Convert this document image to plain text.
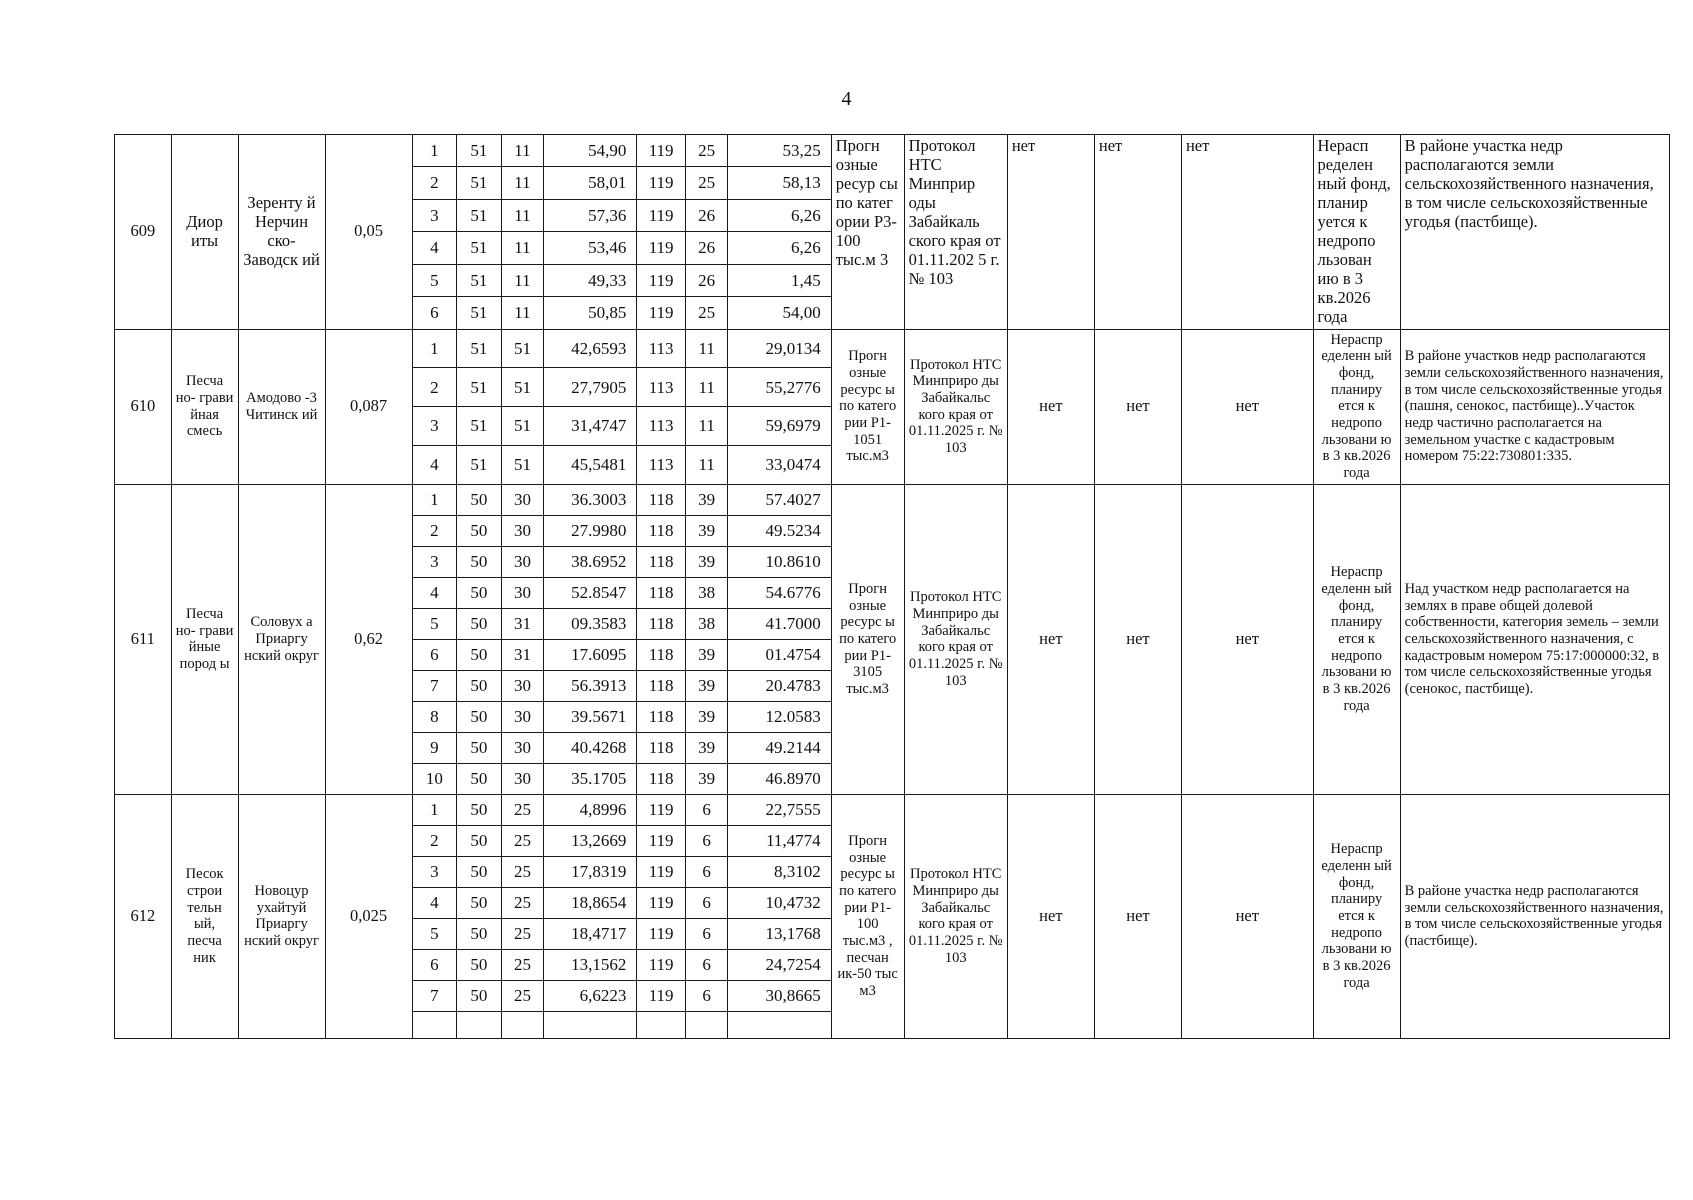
4
609	Диор иты	Зеренту й Нерчин ско- Заводск ий	0,05	1	51	11	54,90	119	25	53,25	Прогн озные ресур сы по катег ории Р3- 100 тыс.м 3	Протокол НТС Минприр оды Забайкаль ского края от 01.11.202 5 г. № 103	нет	нет	нет	Нерасп ределен ный фонд, планир уется к недропо льзован ию в 3 кв.2026 года	В районе участка недр располагаются земли сельскохозяйственного назначения, в том числе сельскохозяйственные угодья (пастбище).
				2	51	11	58,01	119	25	58,13							
				3	51	11	57,36	119	26	6,26							
				4	51	11	53,46	119	26	6,26							
				5	51	11	49,33	119	26	1,45							
				6	51	11	50,85	119	25	54,00							
610	Песча но- грави йная смесь	Амодово -3 Читинск ий	0,087	1	51	51	42,6593	113	11	29,0134	Прогн озные ресурс ы по катего рии Р1- 1051 тыс.м3	Протокол НТС Минприро ды Забайкальс кого края от 01.11.2025 г. № 103	нет	нет	нет	Нераспр еделенн ый фонд, планиру ется к недропо льзовани ю в 3 кв.2026 года	В районе участков недр располагаются земли сельскохозяйственного назначения, в том числе сельскохозяйственные угодья (пашня, сенокос, пастбище)..Участок недр частично располагается на земельном участке с кадастровым номером 75:22:730801:335.
				2	51	51	27,7905	113	11	55,2776							
				3	51	51	31,4747	113	11	59,6979							
				4	51	51	45,5481	113	11	33,0474							
611	Песча но- грави йные пород ы	Соловух а Приаргу нский округ	0,62	1	50	30	36.3003	118	39	57.4027	Прогн озные ресурс ы по катего рии Р1- 3105 тыс.м3	Протокол НТС Минприро ды Забайкальс кого края от 01.11.2025 г. № 103	нет	нет	нет	Нераспр еделенн ый фонд, планиру ется к недропо льзовани ю в 3 кв.2026 года	Над участком недр располагается на землях в праве общей долевой собственности, категория земель – земли сельскохозяйственного назначения, с кадастровым номером 75:17:000000:32, в том числе сельскохозяйственные угодья (сенокос, пастбище).
				2	50	30	27.9980	118	39	49.5234							
				3	50	30	38.6952	118	39	10.8610							
				4	50	30	52.8547	118	38	54.6776							
				5	50	31	09.3583	118	38	41.7000							
				6	50	31	17.6095	118	39	01.4754							
				7	50	30	56.3913	118	39	20.4783							
				8	50	30	39.5671	118	39	12.0583							
				9	50	30	40.4268	118	39	49.2144							
				10	50	30	35.1705	118	39	46.8970							
612	Песок строи тельн ый, песча ник	Новоцур ухайтуй Приаргу нский округ	0,025	1	50	25	4,8996	119	6	22,7555	Прогн озные ресурс ы по катего рии Р1-100 тыс.м3 , песчан ик-50 тыс м3	Протокол НТС Минприро ды Забайкальс кого края от 01.11.2025 г. № 103	нет	нет	нет	Нераспр еделенн ый фонд, планиру ется к недропо льзовани ю в 3 кв.2026 года	В районе участка недр располагаются земли сельскохозяйственного назначения, в том числе сельскохозяйственные угодья (пастбище).
				2	50	25	13,2669	119	6	11,4774							
				3	50	25	17,8319	119	6	8,3102							
				4	50	25	18,8654	119	6	10,4732							
				5	50	25	18,4717	119	6	13,1768							
				6	50	25	13,1562	119	6	24,7254							
				7	50	25	6,6223	119	6	30,8665							
